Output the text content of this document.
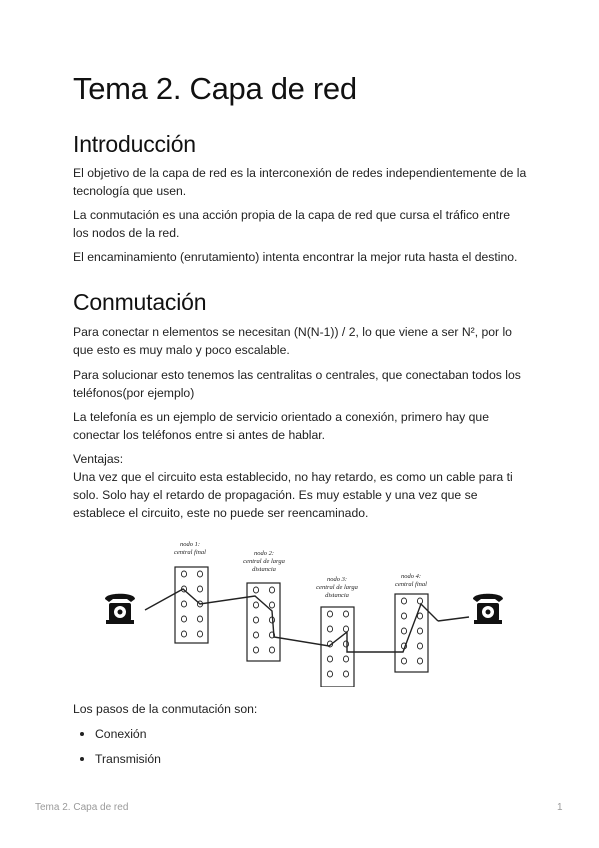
Tema 2. Capa de red
Introducción

El objetivo de la capa de red es la interconexión de redes independientemente de la tecnología que usen.

La conmutación es una acción propia de la capa de red que cursa el tráfico entre los nodos de la red.

El encaminamiento (enrutamiento) intenta encontrar la mejor ruta hasta el destino.

Conmutación

Para conectar n elementos se necesitan (N(N-1)) / 2, lo que viene a ser N², por lo que esto es muy malo y poco escalable.

Para solucionar esto tenemos las centralitas o centrales, que conectaban todos los teléfonos(por ejemplo)

La telefonía es un ejemplo de servicio orientado a conexión, primero hay que conectar los teléfonos entre si antes de hablar.

Ventajas:

Una vez que el circuito esta establecido, no hay retardo, es como un cable para ti solo. Solo hay el retardo de propagación. Es muy estable y una vez que se establece el circuito, este no puede ser reencaminado.

Los pasos de la conmutación son:

Conexión
Transmisión
nodo 1: central final	nodo 2: central de larga distancia
nodo 3: central de larga distancia
nodo 4: central final
Tema 2. Capa de red	1
